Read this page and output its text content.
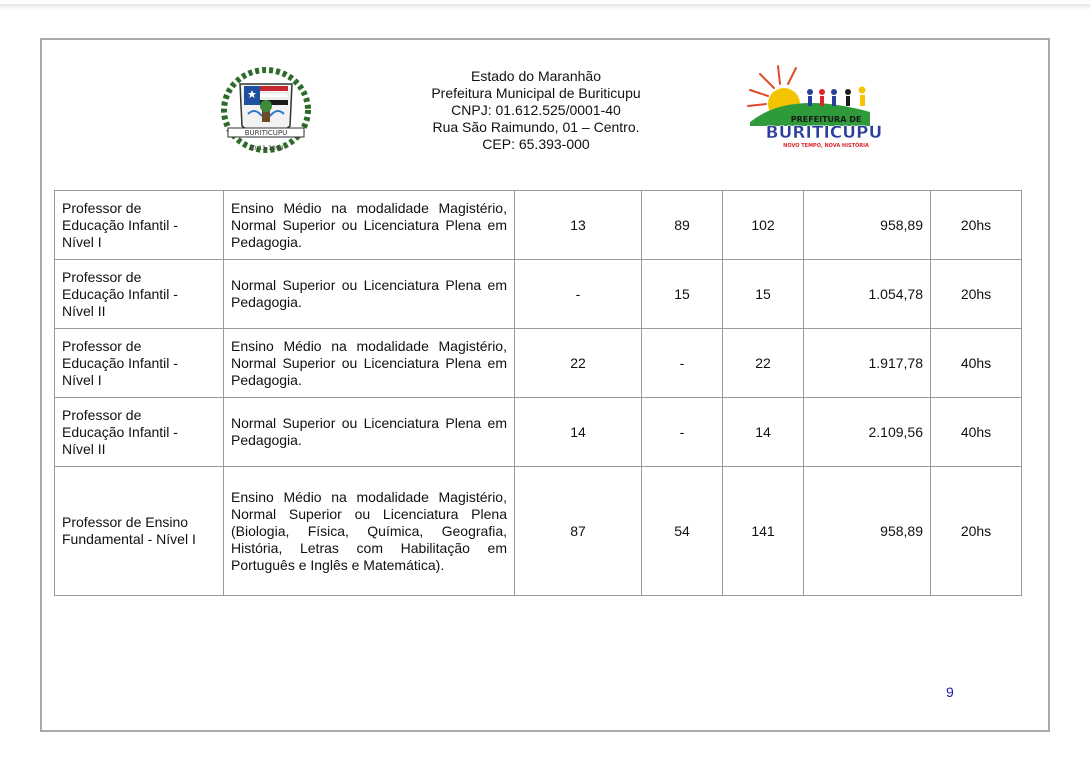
BURITICUPU
10-11-1994
Estado do Maranhão
Prefeitura Municipal de Buriticupu
CNPJ: 01.612.525/0001-40
Rua São Raimundo, 01 – Centro.
CEP: 65.393-000
PREFEITURA DE
BURITICUPU
NOVO TEMPO, NOVA HISTÓRIA
Professor de
Educação Infantil -
Nível I	Ensino Médio na modalidade Magistério, Normal Superior ou Licenciatura Plena em Pedagogia.	13	89	102	958,89	20hs

Professor de
Educação Infantil -
Nível II	Normal Superior ou Licenciatura Plena em Pedagogia.	-	15	15	1.054,78	20hs

Professor de
Educação Infantil -
Nível I	Ensino Médio na modalidade Magistério, Normal Superior ou Licenciatura Plena em Pedagogia.	22	-	22	1.917,78	40hs

Professor de
Educação Infantil -
Nível II	Normal Superior ou Licenciatura Plena em Pedagogia.	14	-	14	2.109,56	40hs

Professor de Ensino
Fundamental - Nível I	Ensino Médio na modalidade Magistério, Normal Superior ou Licenciatura Plena (Biologia, Física, Química, Geografia, História, Letras com Habilitação em Português e Inglês e Matemática).	87	54	141	958,89	20hs
9
